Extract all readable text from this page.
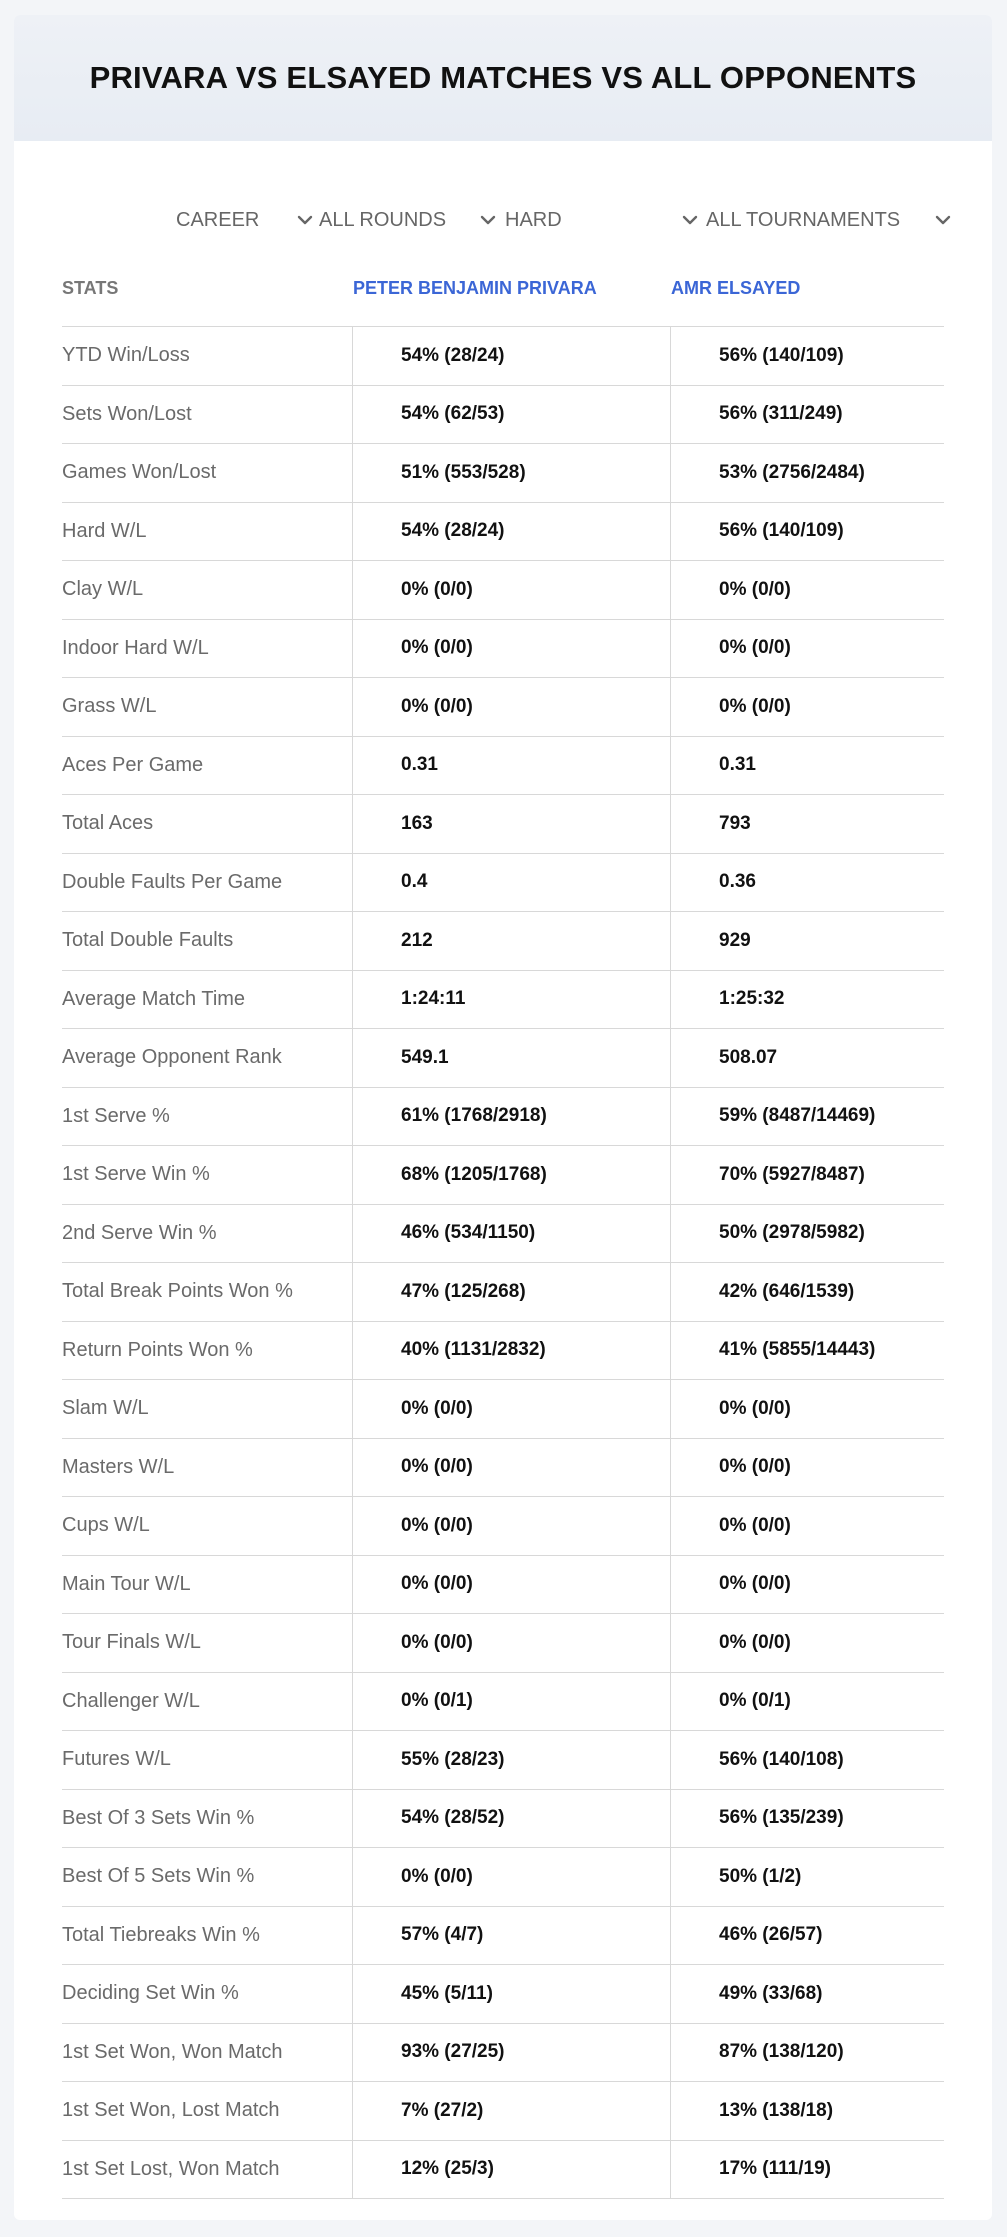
PRIVARA VS ELSAYED MATCHES VS ALL OPPONENTS
CAREER	ALL ROUNDS	HARD	ALL TOURNAMENTS
STATS	PETER BENJAMIN PRIVARA	AMR ELSAYED
YTD Win/Loss	54% (28/24)	56% (140/109)
Sets Won/Lost	54% (62/53)	56% (311/249)
Games Won/Lost	51% (553/528)	53% (2756/2484)
Hard W/L	54% (28/24)	56% (140/109)
Clay W/L	0% (0/0)	0% (0/0)
Indoor Hard W/L	0% (0/0)	0% (0/0)
Grass W/L	0% (0/0)	0% (0/0)
Aces Per Game	0.31	0.31
Total Aces	163	793
Double Faults Per Game	0.4	0.36
Total Double Faults	212	929
Average Match Time	1:24:11	1:25:32
Average Opponent Rank	549.1	508.07
1st Serve %	61% (1768/2918)	59% (8487/14469)
1st Serve Win %	68% (1205/1768)	70% (5927/8487)
2nd Serve Win %	46% (534/1150)	50% (2978/5982)
Total Break Points Won %	47% (125/268)	42% (646/1539)
Return Points Won %	40% (1131/2832)	41% (5855/14443)
Slam W/L	0% (0/0)	0% (0/0)
Masters W/L	0% (0/0)	0% (0/0)
Cups W/L	0% (0/0)	0% (0/0)
Main Tour W/L	0% (0/0)	0% (0/0)
Tour Finals W/L	0% (0/0)	0% (0/0)
Challenger W/L	0% (0/1)	0% (0/1)
Futures W/L	55% (28/23)	56% (140/108)
Best Of 3 Sets Win %	54% (28/52)	56% (135/239)
Best Of 5 Sets Win %	0% (0/0)	50% (1/2)
Total Tiebreaks Win %	57% (4/7)	46% (26/57)
Deciding Set Win %	45% (5/11)	49% (33/68)
1st Set Won, Won Match	93% (27/25)	87% (138/120)
1st Set Won, Lost Match	7% (27/2)	13% (138/18)
1st Set Lost, Won Match	12% (25/3)	17% (111/19)
